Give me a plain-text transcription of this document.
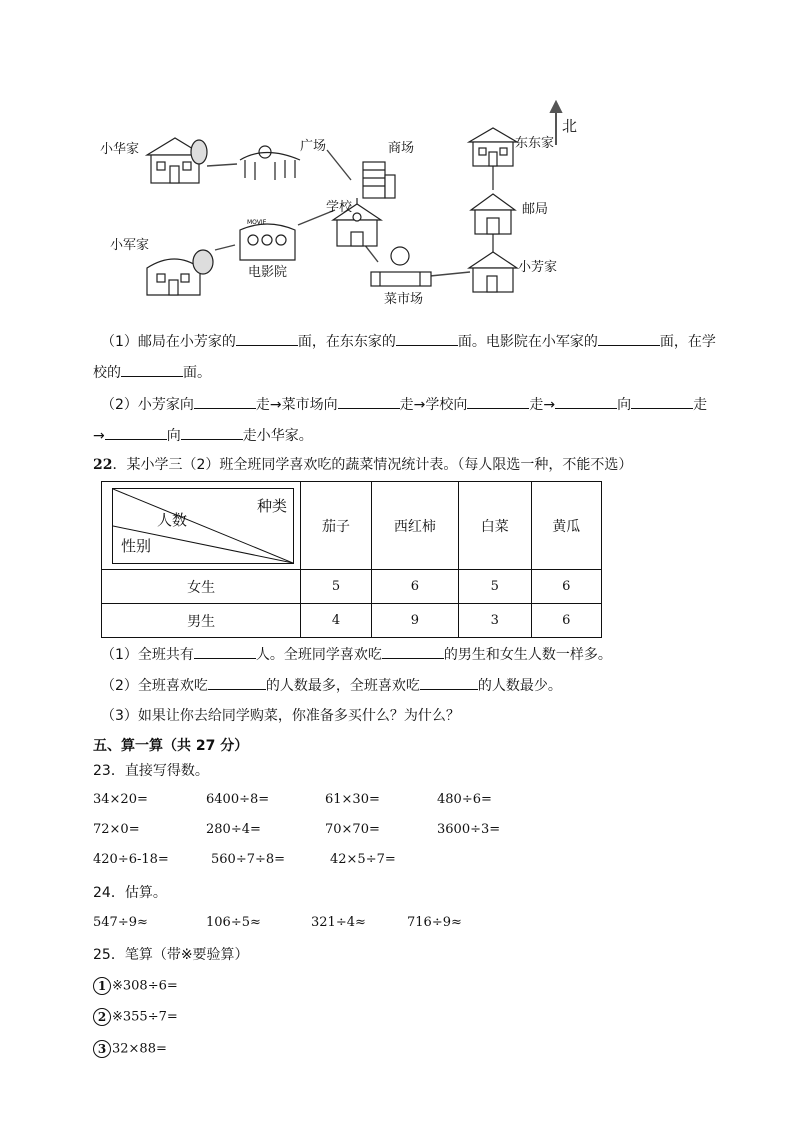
MOVIE
小华家	广场	商场
学校
小军家
电影院
菜市场
东东家
邮局
小芳家
北
（1）邮局在小芳家的	面，在东东家的	面。电影院在小军家的	面，在学
校的	面。
（2）小芳家向	走→菜市场向	走→学校向	走→	向	走
→	向	走小华家。
22．某小学三（2）班全班同学喜欢吃的蔬菜情况统计表。（每人限选一种，不能不选）
种类
人数
性别	茄子	西红柿	白菜	黄瓜
女生	5	6	5	6
男生	4	9	3	6
（1）全班共有	人。全班同学喜欢吃	的男生和女生人数一样多。
（2）全班喜欢吃	的人数最多，全班喜欢吃	的人数最少。
（3）如果让你去给同学购菜，你准备多买什么？为什么？
五、算一算（共 27 分）
23．直接写得数。
34×20=	6400÷8=	61×30=	480÷6=
72×0=	280÷4=	70×70=	3600÷3=
420÷6-18=	560÷7÷8=	42×5÷7=
24．估算。
547÷9≈	106÷5≈	321÷4≈	716÷9≈
25．笔算（带※要验算）
1 ※308÷6=
2 ※355÷7=
3 32×88=
